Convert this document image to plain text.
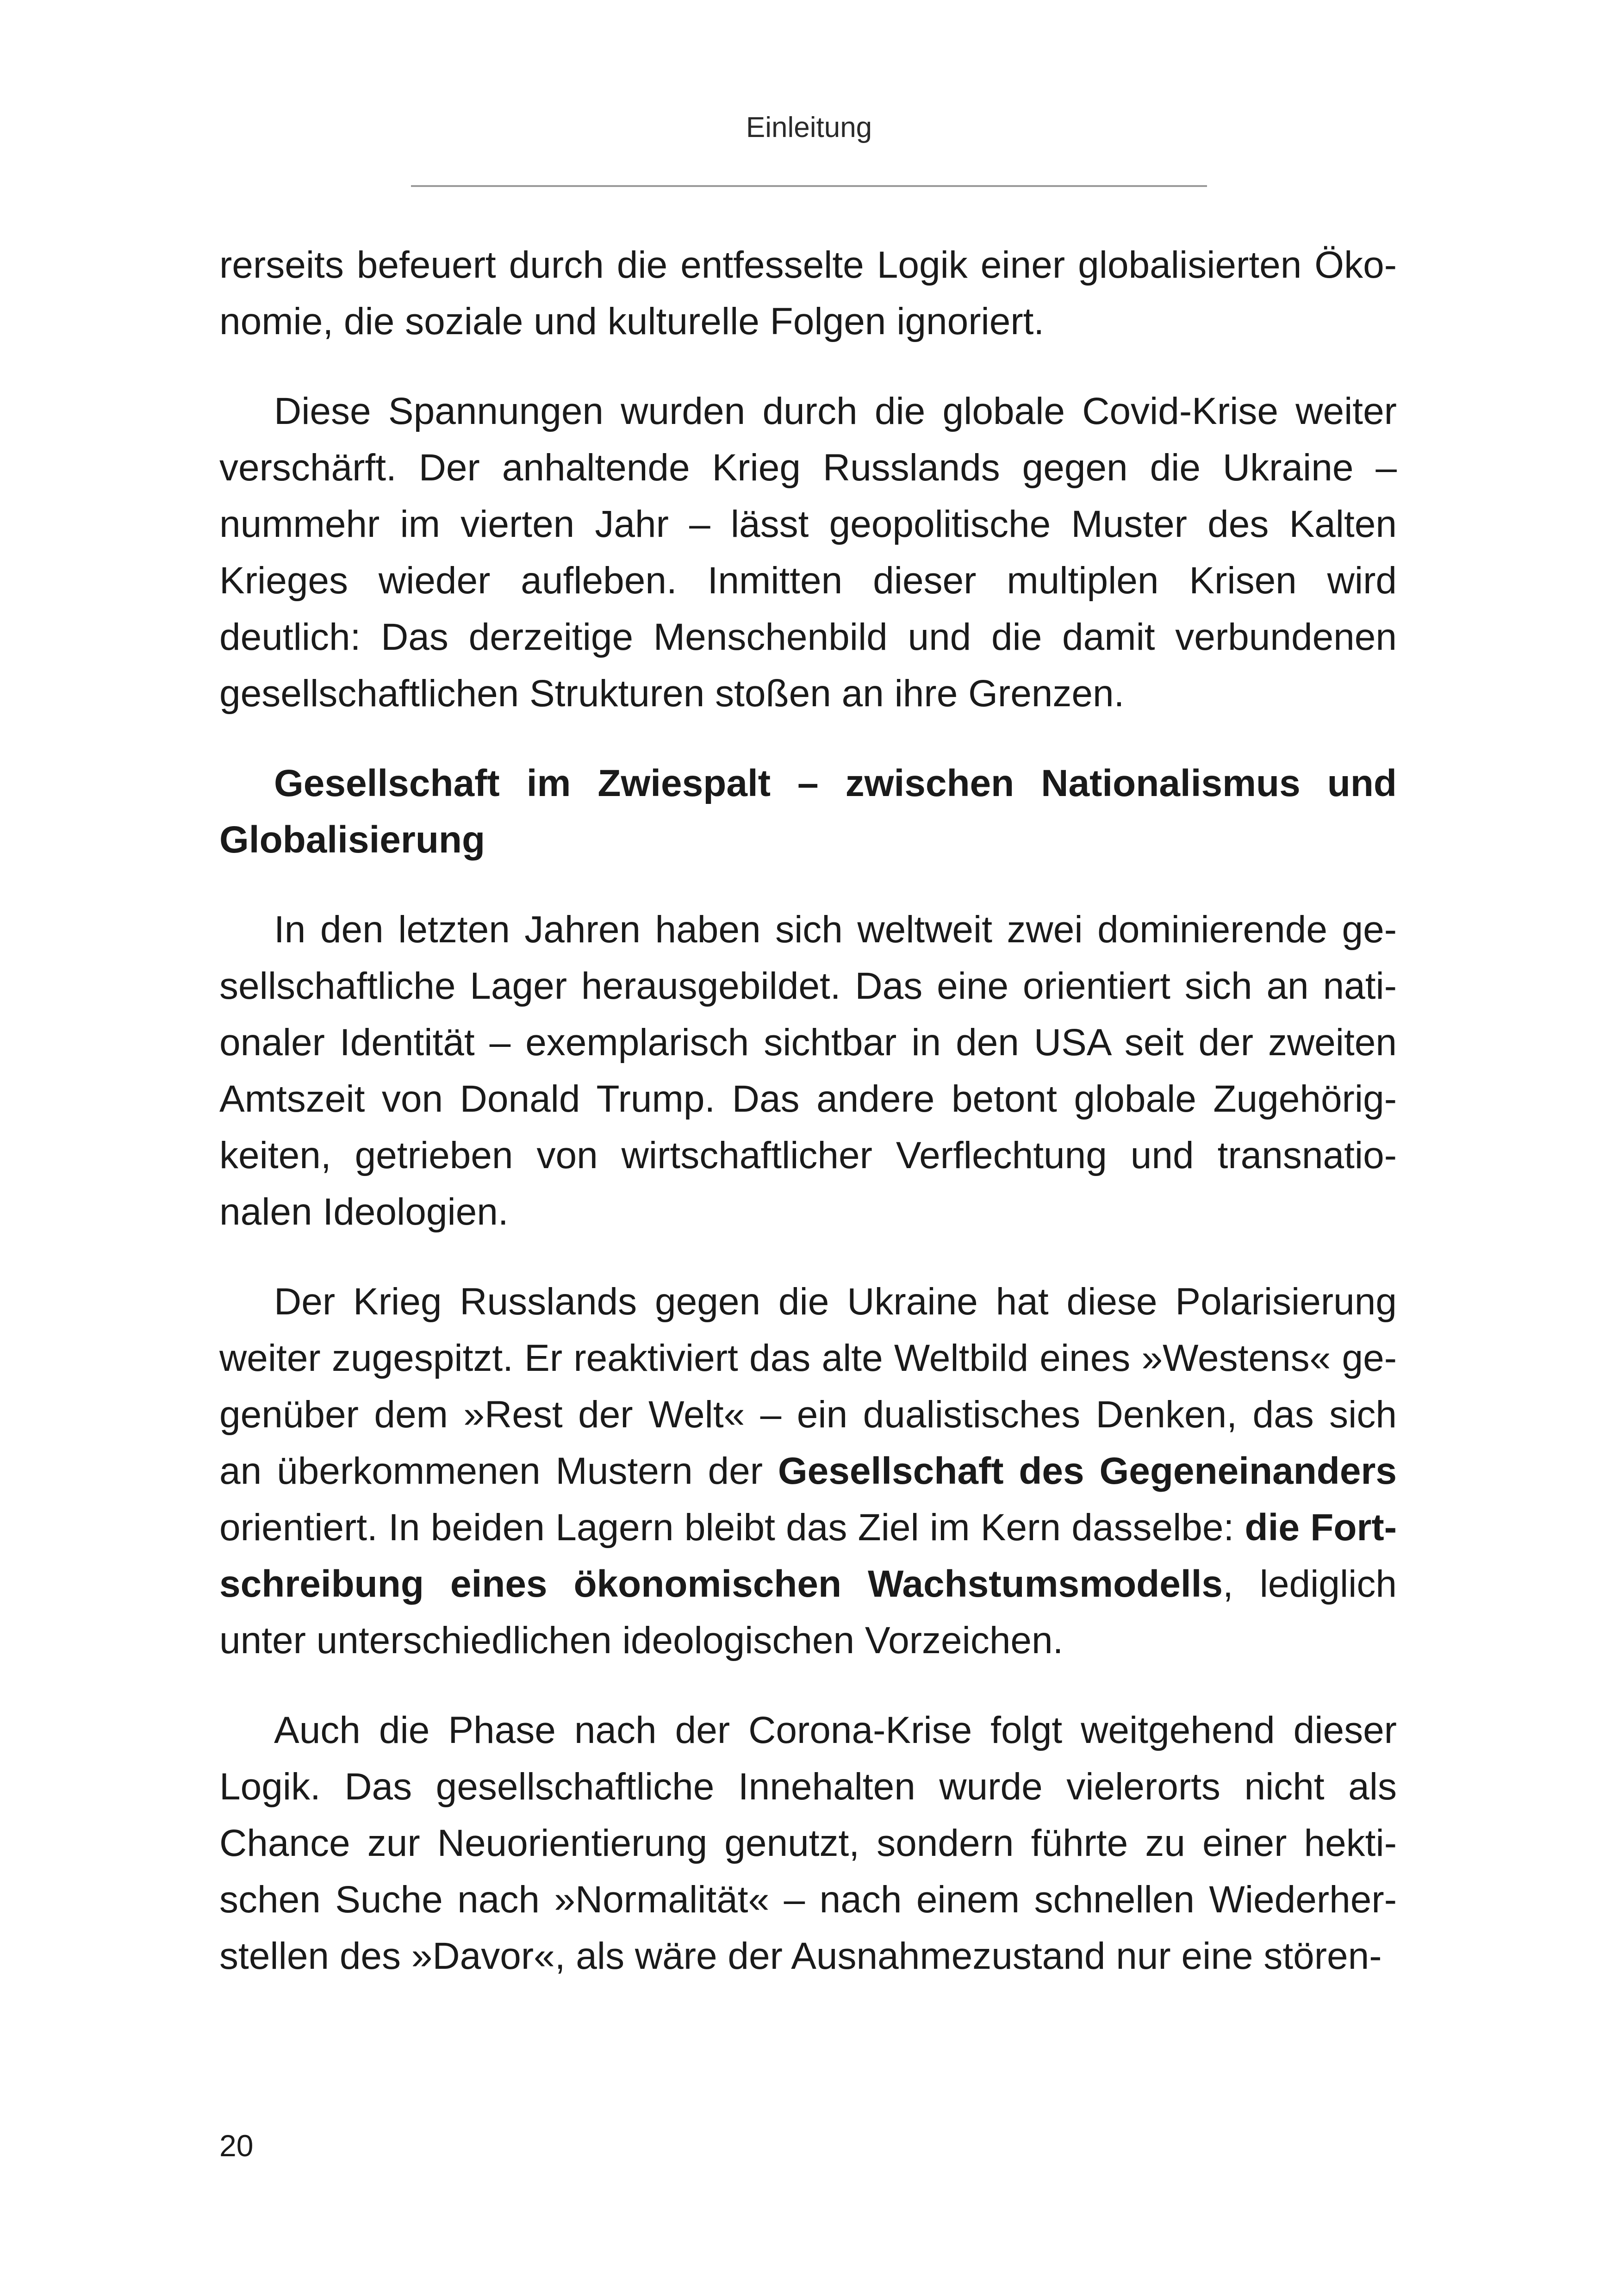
Einleitung

rerseits befeuert durch die entfesselte Logik einer globalisierten Ökonomie, die soziale und kulturelle Folgen ignoriert.

Diese Spannungen wurden durch die globale Covid-Krise weiter verschärft. Der anhaltende Krieg Russlands gegen die Ukraine – nummehr im vierten Jahr – lässt geopolitische Muster des Kalten Krieges wieder aufleben. Inmitten dieser multiplen Krisen wird deutlich: Das derzeitige Menschenbild und die damit verbundenen gesellschaftlichen Strukturen stoßen an ihre Grenzen.

Gesellschaft im Zwiespalt – zwischen Nationalismus und Globalisierung

In den letzten Jahren haben sich weltweit zwei dominierende gesellschaftliche Lager herausgebildet. Das eine orientiert sich an nationaler Identität – exemplarisch sichtbar in den USA seit der zweiten Amtszeit von Donald Trump. Das andere betont globale Zugehörigkeiten, getrieben von wirtschaftlicher Verflechtung und transnationalen Ideologien.

Der Krieg Russlands gegen die Ukraine hat diese Polarisierung weiter zugespitzt. Er reaktiviert das alte Weltbild eines »Westens« gegenüber dem »Rest der Welt« – ein dualistisches Denken, das sich an überkommenen Mustern der Gesellschaft des Gegeneinanders orientiert. In beiden Lagern bleibt das Ziel im Kern dasselbe: die Fortschreibung eines ökonomischen Wachstumsmodells, lediglich unter unterschiedlichen ideologischen Vorzeichen.

Auch die Phase nach der Corona-Krise folgt weitgehend dieser Logik. Das gesellschaftliche Innehalten wurde vielerorts nicht als Chance zur Neuorientierung genutzt, sondern führte zu einer hektischen Suche nach »Normalität« – nach einem schnellen Wiederherstellen des »Davor«, als wäre der Ausnahmezustand nur eine stören-

20
